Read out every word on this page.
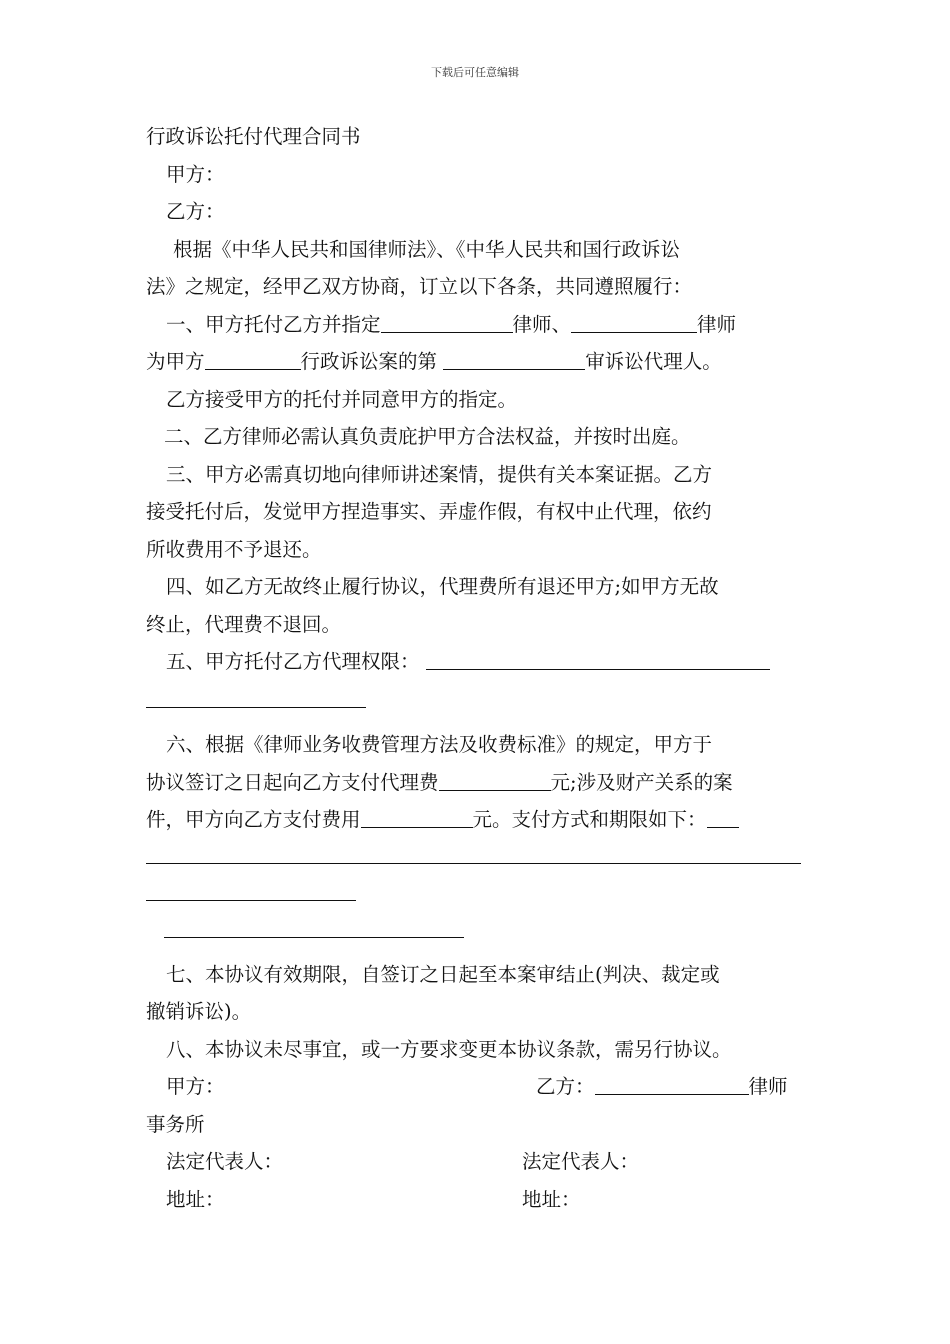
下载后可任意编辑
行政诉讼托付代理合同书
甲方：
乙方：
根据《中华人民共和国律师法》、《中华人民共和国行政诉讼
法》之规定，经甲乙双方协商，订立以下各条，共同遵照履行：
一、甲方托付乙方并指定	律师、	律师
为甲方	行政诉讼案的第	审诉讼代理人。
乙方接受甲方的托付并同意甲方的指定。
二、乙方律师必需认真负责庇护甲方合法权益，并按时出庭。
三、甲方必需真切地向律师讲述案情，提供有关本案证据。乙方
接受托付后，发觉甲方捏造事实、弄虚作假，有权中止代理，依约
所收费用不予退还。
四、如乙方无故终止履行协议，代理费所有退还甲方;如甲方无故
终止，代理费不退回。
五、甲方托付乙方代理权限：
六、根据《律师业务收费管理方法及收费标准》的规定，甲方于
协议签订之日起向乙方支付代理费	元;涉及财产关系的案
件，甲方向乙方支付费用	元。支付方式和期限如下：
七、本协议有效期限，自签订之日起至本案审结止(判决、裁定或
撤销诉讼)。
八、本协议未尽事宜，或一方要求变更本协议条款，需另行协议。
甲方：	乙方：	律师
事务所
法定代表人：	法定代表人：
地址：	地址：
